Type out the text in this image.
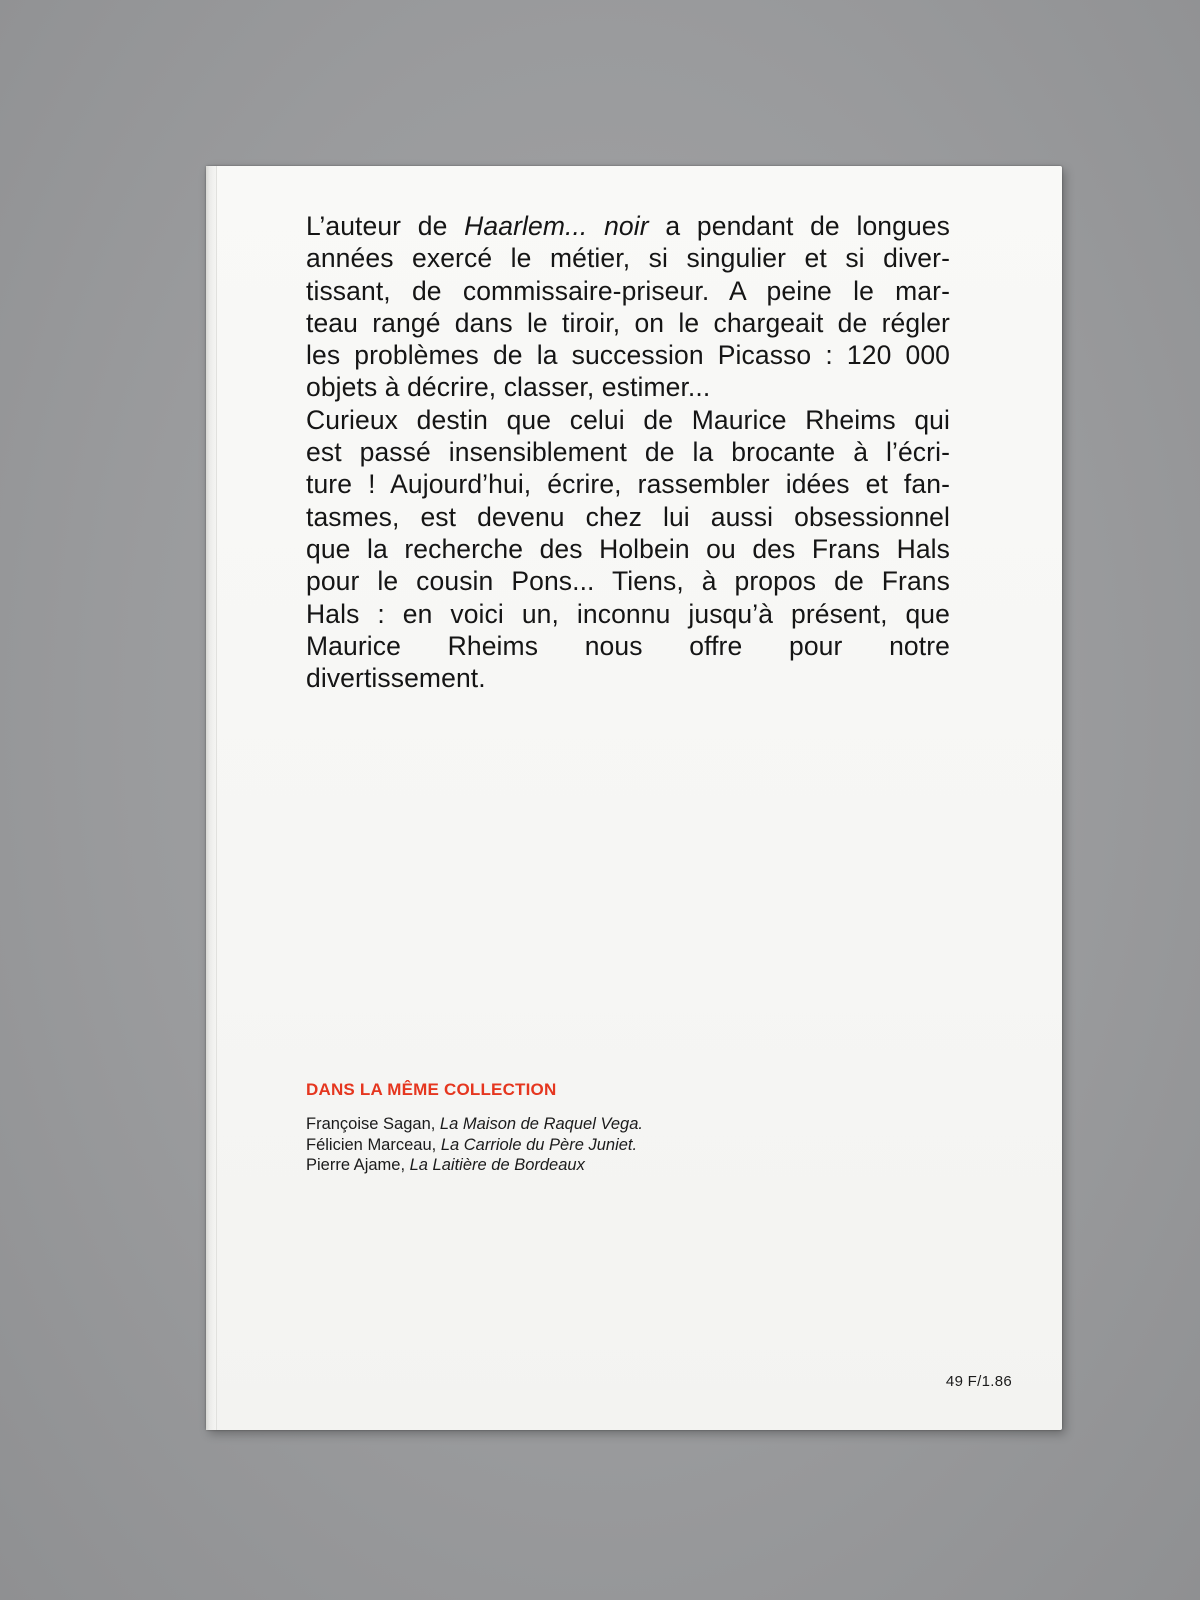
L’auteur de Haarlem... noir a pendant de longues
années exercé le métier, si singulier et si diver-
tissant, de commissaire-priseur. A peine le mar-
teau rangé dans le tiroir, on le chargeait de régler
les problèmes de la succession Picasso : 120 000
objets à décrire, classer, estimer...
Curieux destin que celui de Maurice Rheims qui
est passé insensiblement de la brocante à l’écri-
ture ! Aujourd’hui, écrire, rassembler idées et fan-
tasmes, est devenu chez lui aussi obsessionnel
que la recherche des Holbein ou des Frans Hals
pour le cousin Pons... Tiens, à propos de Frans
Hals : en voici un, inconnu jusqu’à présent, que
Maurice Rheims nous offre pour notre
divertissement.
DANS LA MÊME COLLECTION
Françoise Sagan, La Maison de Raquel Vega.
Félicien Marceau, La Carriole du Père Juniet.
Pierre Ajame, La Laitière de Bordeaux
49 F/1.86
